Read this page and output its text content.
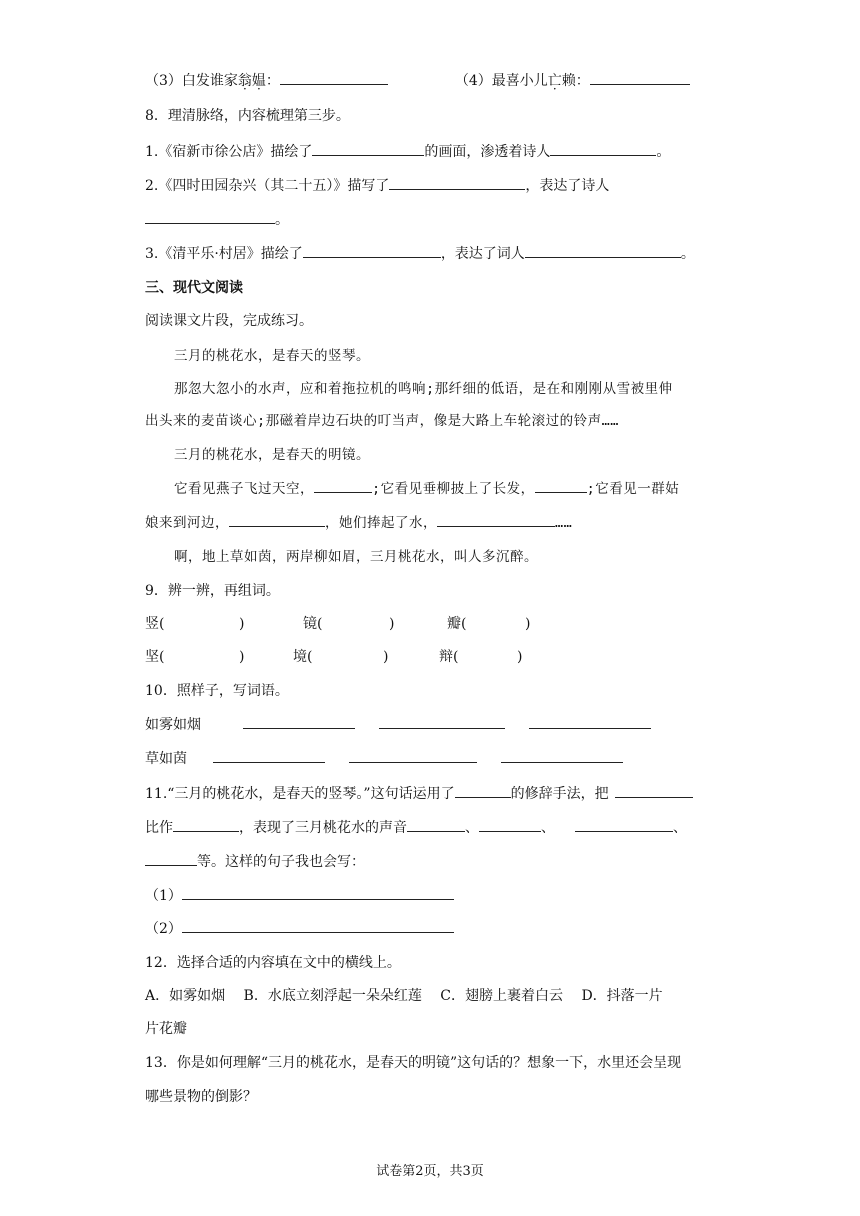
（3）白发谁家翁媪：	（4）最喜小儿亡赖：
8．理清脉络，内容梳理第三步。
1.《宿新市徐公店》描绘了	的画面，渗透着诗人	。
2.《四时田园杂兴（其二十五）》描写了	，表达了诗人
。
3.《清平乐·村居》描绘了	，表达了词人	。
三、现代文阅读
阅读课文片段，完成练习。
三月的桃花水，是春天的竖琴。
那忽大忽小的水声，应和着拖拉机的鸣响;那纤细的低语，是在和刚刚从雪被里伸
出头来的麦苗谈心;那磁着岸边石块的叮当声，像是大路上车轮滚过的铃声……
三月的桃花水，是春天的明镜。
它看见燕子飞过天空，	;它看见垂柳披上了长发，	;它看见一群姑
娘来到河边，	，她们捧起了水，	……
啊，地上草如茵，两岸柳如眉，三月桃花水，叫人多沉醉。
9．辨一辨，再组词。
竖(	)	镜(	)	瓣(	)
坚(	)	境(	)	辩(	)
10．照样子，写词语。
如雾如烟
草如茵
11.“三月的桃花水，是春天的竖琴。”这句话运用了	的修辞手法，把
比作	，表现了三月桃花水的声音	、	、	、
等。这样的句子我也会写：
（1）
（2）
12．选择合适的内容填在文中的横线上。
A．如雾如烟　 B．水底立刻浮起一朵朵红莲　 C．翅膀上裹着白云　 D．抖落一片
片花瓣
13．你是如何理解“三月的桃花水，是春天的明镜”这句话的？想象一下，水里还会呈现
哪些景物的倒影？
试卷第2页，共3页
